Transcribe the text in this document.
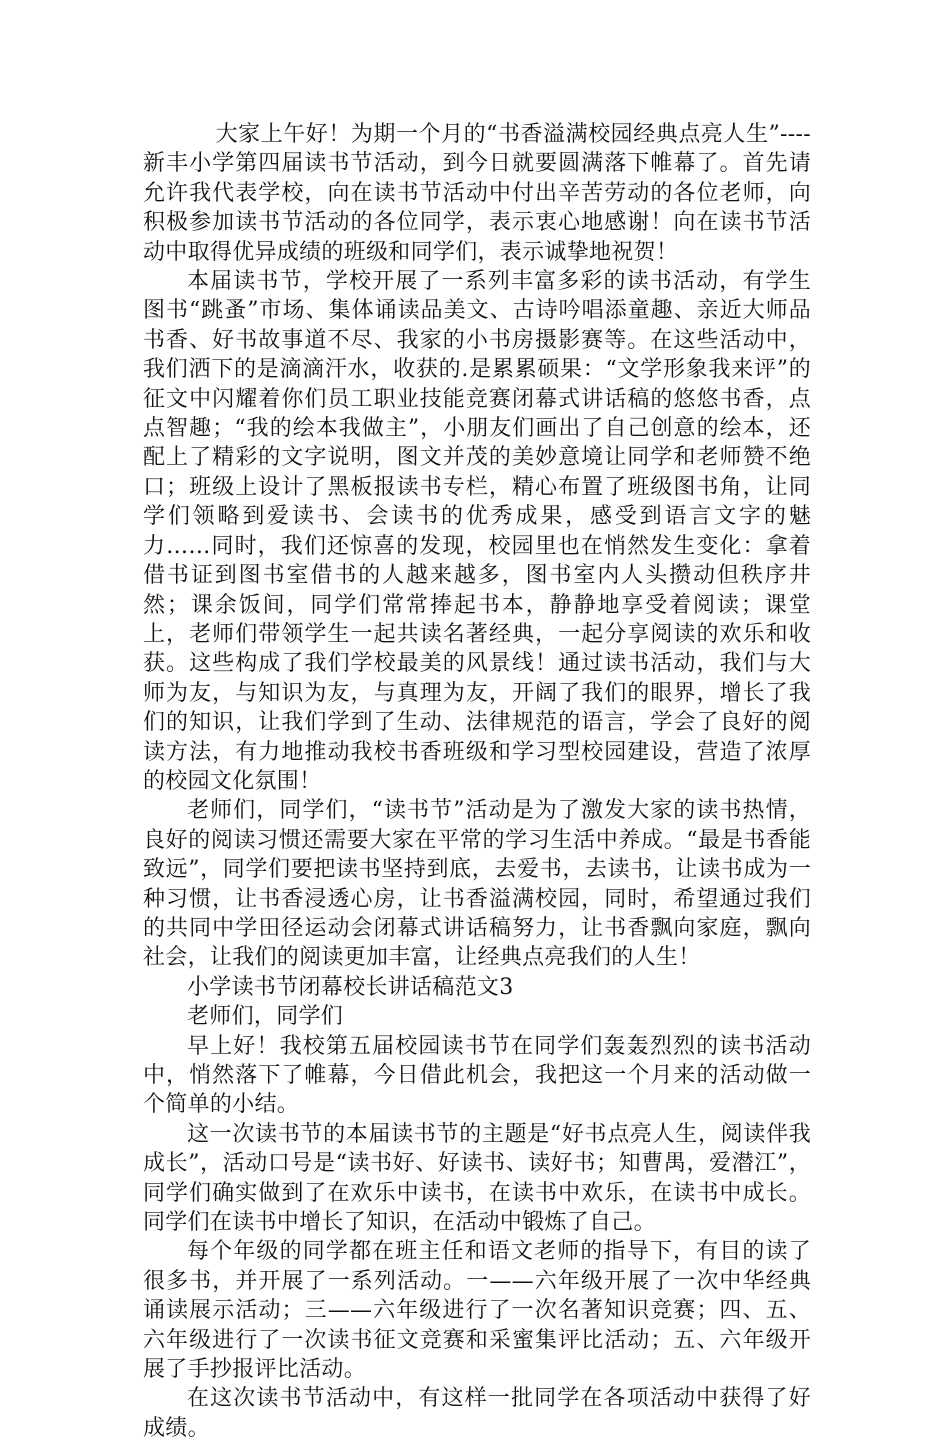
大家上午好！为期一个月的“书香溢满校园经典点亮人生”----新丰小学第四届读书节活动，到今日就要圆满落下帷幕了。首先请允许我代表学校，向在读书节活动中付出辛苦劳动的各位老师，向积极参加读书节活动的各位同学，表示衷心地感谢！向在读书节活动中取得优异成绩的班级和同学们，表示诚挚地祝贺！

本届读书节，学校开展了一系列丰富多彩的读书活动，有学生图书“跳蚤”市场、集体诵读品美文、古诗吟唱添童趣、亲近大师品书香、好书故事道不尽、我家的小书房摄影赛等。在这些活动中，我们洒下的是滴滴汗水，收获的.是累累硕果：“文学形象我来评”的征文中闪耀着你们员工职业技能竞赛闭幕式讲话稿的悠悠书香，点点智趣；“我的绘本我做主”，小朋友们画出了自己创意的绘本，还配上了精彩的文字说明，图文并茂的美妙意境让同学和老师赞不绝口；班级上设计了黑板报读书专栏，精心布置了班级图书角，让同学们领略到爱读书、会读书的优秀成果，感受到语言文字的魅力……同时，我们还惊喜的发现，校园里也在悄然发生变化：拿着借书证到图书室借书的人越来越多，图书室内人头攒动但秩序井然；课余饭间，同学们常常捧起书本，静静地享受着阅读；课堂上，老师们带领学生一起共读名著经典，一起分享阅读的欢乐和收获。这些构成了我们学校最美的风景线！通过读书活动，我们与大师为友，与知识为友，与真理为友，开阔了我们的眼界，增长了我们的知识，让我们学到了生动、法律规范的语言，学会了良好的阅读方法，有力地推动我校书香班级和学习型校园建设，营造了浓厚的校园文化氛围！

老师们，同学们，“读书节”活动是为了激发大家的读书热情，良好的阅读习惯还需要大家在平常的学习生活中养成。“最是书香能致远”，同学们要把读书坚持到底，去爱书，去读书，让读书成为一种习惯，让书香浸透心房，让书香溢满校园，同时，希望通过我们的共同中学田径运动会闭幕式讲话稿努力，让书香飘向家庭，飘向社会，让我们的阅读更加丰富，让经典点亮我们的人生！

小学读书节闭幕校长讲话稿范文3

老师们，同学们

早上好！我校第五届校园读书节在同学们轰轰烈烈的读书活动中，悄然落下了帷幕，今日借此机会，我把这一个月来的活动做一个简单的小结。

这一次读书节的本届读书节的主题是“好书点亮人生，阅读伴我成长”，活动口号是“读书好、好读书、读好书；知曹禺，爱潜江”，同学们确实做到了在欢乐中读书，在读书中欢乐，在读书中成长。同学们在读书中增长了知识，在活动中锻炼了自己。

每个年级的同学都在班主任和语文老师的指导下，有目的读了很多书，并开展了一系列活动。一——六年级开展了一次中华经典诵读展示活动；三——六年级进行了一次名著知识竞赛；四、五、六年级进行了一次读书征文竞赛和采蜜集评比活动；五、六年级开展了手抄报评比活动。

在这次读书节活动中，有这样一批同学在各项活动中获得了好成绩。
